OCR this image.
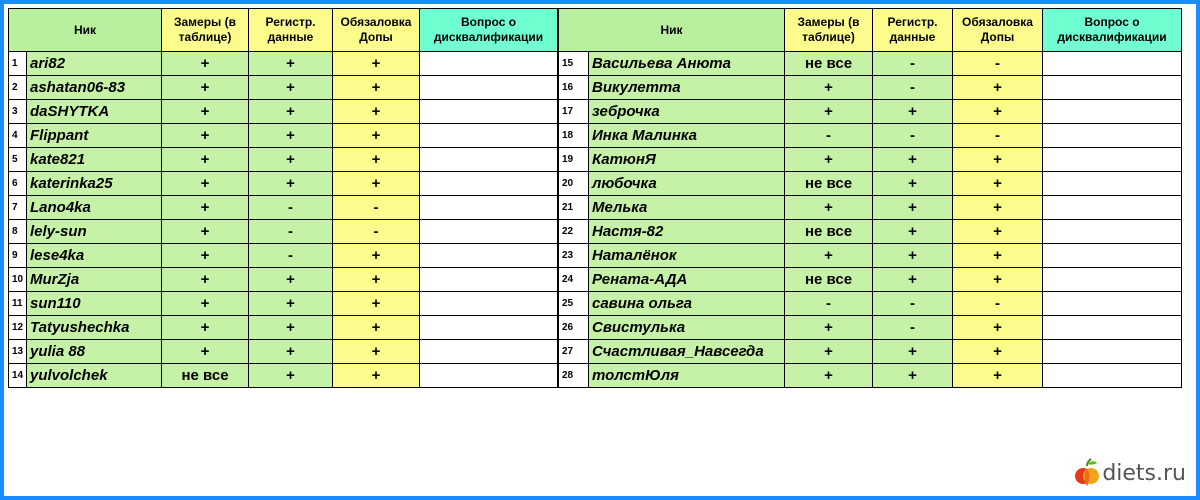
Ник		Замеры (в таблице)	Регистр. данные	Обязаловка Допы	Вопрос о дисквалификации
1	ari82	+	+	+	
2	ashatan06-83	+	+	+	
3	daSHYTKA	+	+	+	
4	Flippant	+	+	+	
5	kate821	+	+	+	
6	katerinka25	+	+	+	
7	Lano4ka	+	-	-	
8	lely-sun	+	-	-	
9	lese4ka	+	-	+	
10	MurZja	+	+	+	
11	sun110	+	+	+	
12	Tatyushechka	+	+	+	
13	yulia 88	+	+	+	
14	yulvolchek	не все	+	+	
Ник		Замеры (в таблице)	Регистр. данные	Обязаловка Допы	Вопрос о дисквалификации
15	Васильева Анюта	не все	-	-	
16	Викулетта	+	-	+	
17	зеброчка	+	+	+	
18	Инка Малинка	-	-	-	
19	КатюнЯ	+	+	+	
20	любочка	не все	+	+	
21	Мелька	+	+	+	
22	Настя-82	не все	+	+	
23	Наталёнок	+	+	+	
24	Рената-АДА	не все	+	+	
25	савина ольга	-	-	-	
26	Свистулька	+	-	+	
27	Счастливая_Навсегда	+	+	+	
28	толстЮля	+	+	+	
diets.ru
